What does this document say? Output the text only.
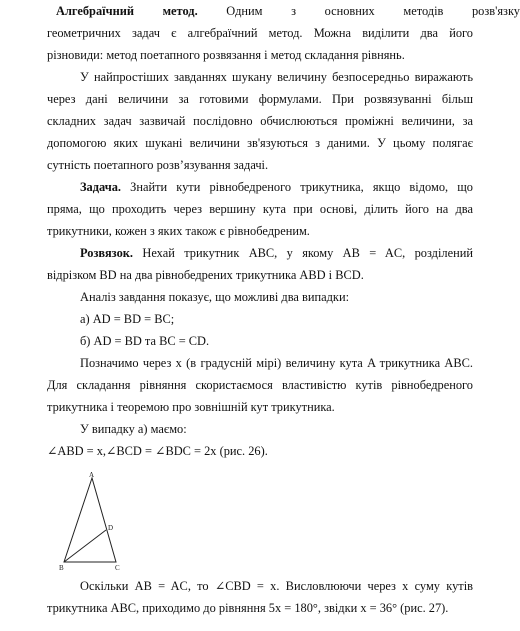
Алгебраїчний метод. Одним з основних методів розв'язку
геометричних задач є алгебраїчний метод. Можна виділити два його
різновиди: метод поетапного розвязання і метод складання рівнянь.
У найпростіших завданнях шукану величину безпосередньо виражають
через дані величини за готовими формулами. При розвязуванні більш
складних задач зазвичай послідовно обчислюються проміжні величини, за
допомогою яких шукані величини зв'язуються з даними. У цьому полягає
сутність поетапного розв’язування задачі.
Задача. Знайти кути рівнобедреного трикутника, якщо відомо, що
пряма, що проходить через вершину кута при основі, ділить його на два
трикутники, кожен з яких також є рівнобедреним.
Розвязок. Нехай трикутник ABC, у якому AB = AC, розділений
відрізком BD на два рівнобедрених трикутника ABD і BCD.
Аналіз завдання показує, що можливі два випадки:
а) AD = BD = BC;
б) AD = BD та BC = CD.
Позначимо через x (в градусній мірі) величину кута A трикутника ABC.
Для складання рівняння скористаємося властивістю кутів рівнобедреного
трикутника і теоремою про зовнішній кут трикутника.
У випадку а) маємо:
∠ABD = x,∠BCD = ∠BDC = 2x (рис. 26).
A
B	C
D
Оскільки AB = AC, то ∠CBD = x. Висловлюючи через x суму кутів
трикутника ABC, приходимо до рівняння 5x = 180°, звідки x = 36° (рис. 27).
